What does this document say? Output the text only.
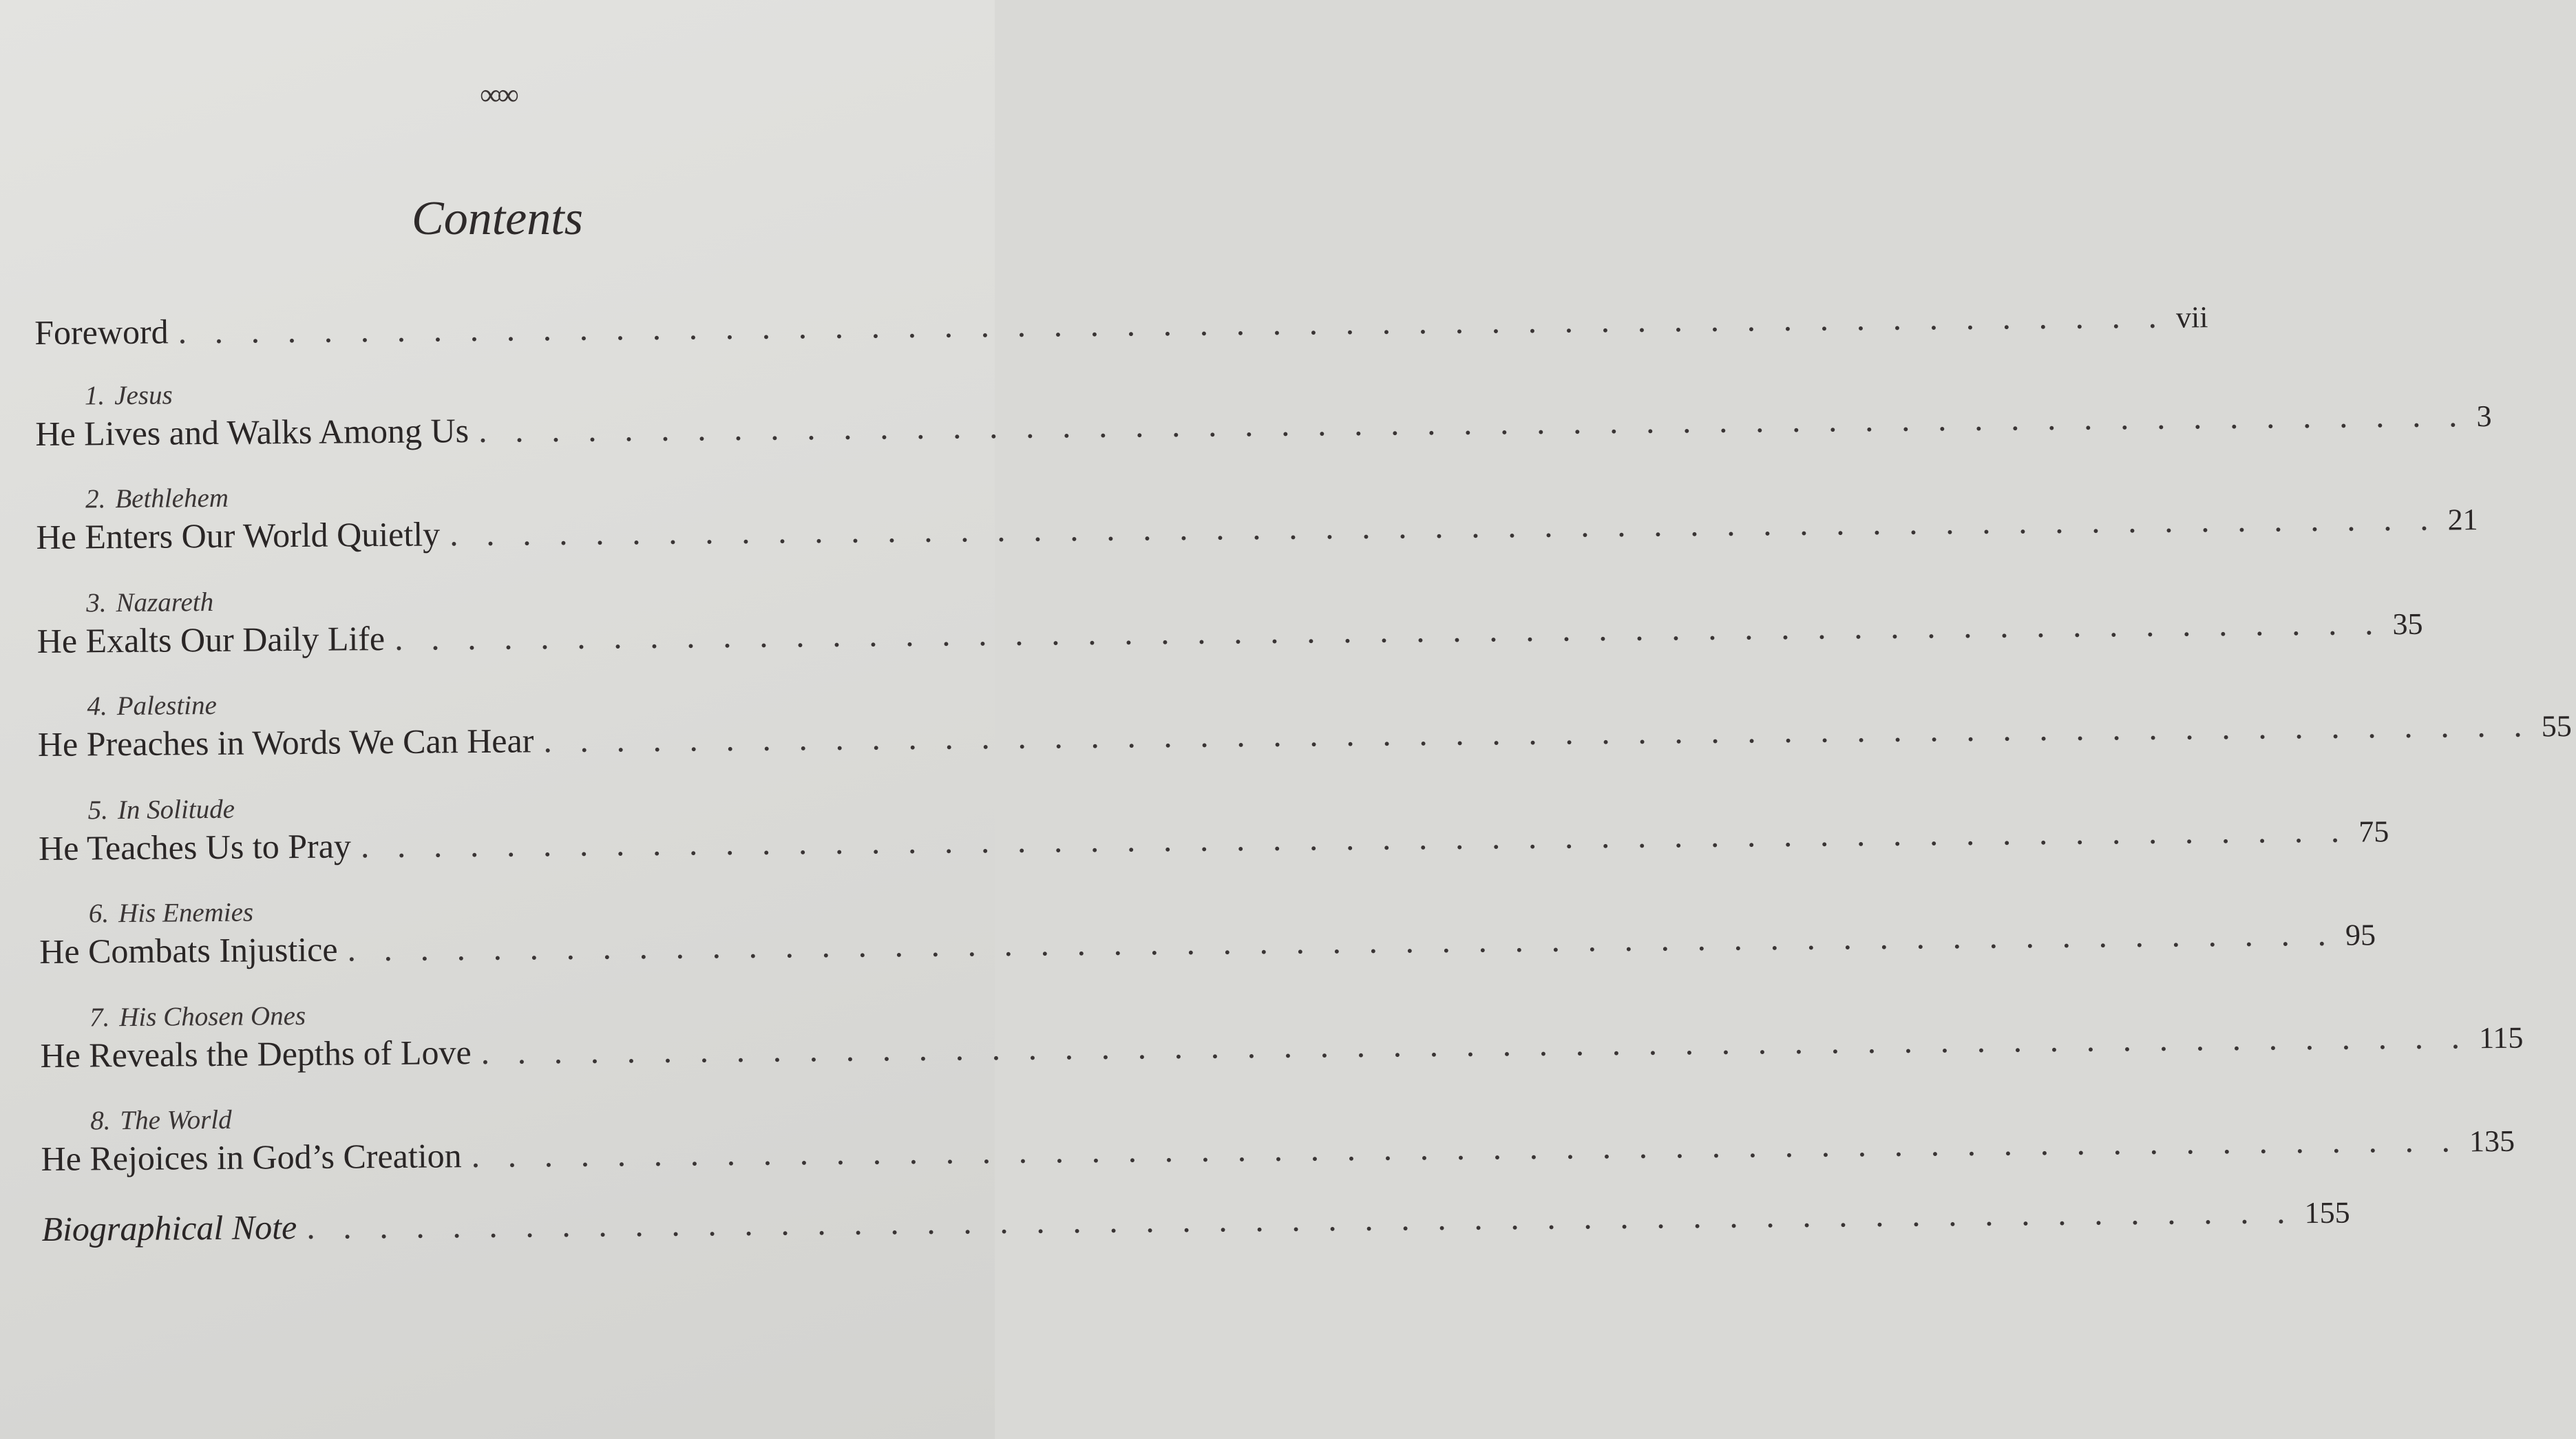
∞∞
Contents
Foreword . . . . . . . . . . . . . . . . . . . . . . . . . . . . . . . . . . . . . . . . . . . . . . . . . . . . . . . vii
1. Jesus
He Lives and Walks Among Us . . . . . . . . . . . . . . . . . . . . . . . . . . . . . . . . . . . . . . . . . . . . . . . . . . . . . . . 3
2. Bethlehem
He Enters Our World Quietly . . . . . . . . . . . . . . . . . . . . . . . . . . . . . . . . . . . . . . . . . . . . . . . . . . . . . . . 21
3. Nazareth
He Exalts Our Daily Life . . . . . . . . . . . . . . . . . . . . . . . . . . . . . . . . . . . . . . . . . . . . . . . . . . . . . . . 35
4. Palestine
He Preaches in Words We Can Hear . . . . . . . . . . . . . . . . . . . . . . . . . . . . . . . . . . . . . . . . . . . . . . . . . . . . . . . 55
5. In Solitude
He Teaches Us to Pray . . . . . . . . . . . . . . . . . . . . . . . . . . . . . . . . . . . . . . . . . . . . . . . . . . . . . . . 75
6. His Enemies
He Combats Injustice . . . . . . . . . . . . . . . . . . . . . . . . . . . . . . . . . . . . . . . . . . . . . . . . . . . . . . . 95
7. His Chosen Ones
He Reveals the Depths of Love . . . . . . . . . . . . . . . . . . . . . . . . . . . . . . . . . . . . . . . . . . . . . . . . . . . . . . . 115
8. The World
He Rejoices in God’s Creation . . . . . . . . . . . . . . . . . . . . . . . . . . . . . . . . . . . . . . . . . . . . . . . . . . . . . . . 135
Biographical Note . . . . . . . . . . . . . . . . . . . . . . . . . . . . . . . . . . . . . . . . . . . . . . . . . . . . . . . 155
